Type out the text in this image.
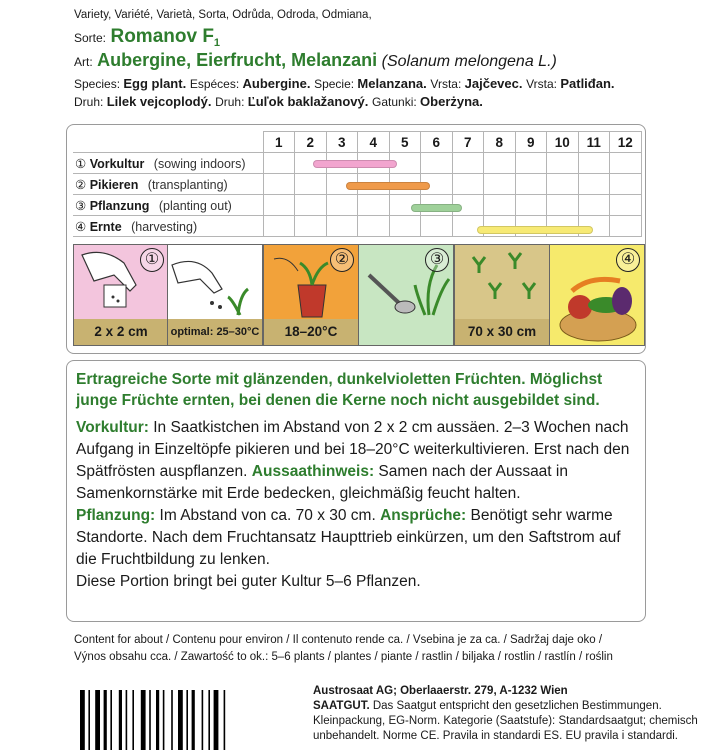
Variety, Variété, Varietà, Sorta, Odrůda, Odroda, Odmiana,
Sorte: Romanov $F_1$
Art: Aubergine, Eierfrucht, Melanzani (Solanum melongena L.)
Species: Egg plant. Espéces: Aubergine. Specie: Melanzana. Vrsta: Jajčevec. Vrsta: Patliđan.
Druh: Lilek vejcoplodý. Druh: Ľuľok baklažanový. Gatunki: Oberżyna.
	1	2	3	4	5	6	7	8	9	10	11	12
① Vorkultur (sowing indoors)												
② Pikieren (transplanting)												
③ Pflanzung (planting out)												
④ Ernte (harvesting)												
①
2 x 2 cm	optimal: 25–30°C
②
18–20°C
③
70 x 30 cm
④
Ertragreiche Sorte mit glänzenden, dunkelvioletten Früchten. Möglichst junge Früchte ernten, bei denen die Kerne noch nicht ausgebildet sind.
Vorkultur: In Saatkistchen im Abstand von 2 x 2 cm aussäen. 2–3 Wochen nach Aufgang in Einzeltöpfe pikieren und bei 18–20°C weiterkultivieren. Erst nach den Spätfrösten auspflanzen. Aussaathinweis: Samen nach der Aussaat in Samenkornstärke mit Erde bedecken, gleichmäßig feucht halten.
Pflanzung: Im Abstand von ca. 70 x 30 cm. Ansprüche: Benötigt sehr warme Standorte. Nach dem Fruchtansatz Haupttrieb einkürzen, um den Saftstrom auf die Fruchtbildung zu lenken.
Diese Portion bringt bei guter Kultur 5–6 Pflanzen.
Content for about / Contenu pour environ / Il contenuto rende ca. / Vsebina je za ca. / Sadržaj daje oko /
Výnos obsahu cca. / Zawartość to ok.: 5–6 plants / plantes / piante / rastlin / biljaka / rostlin / rastlín / roślin
Austrosaat AG; Oberlaaerstr. 279, A-1232 Wien
SAATGUT. Das Saatgut entspricht den gesetzlichen Bestimmungen. Kleinpackung, EG-Norm. Kategorie (Saatstufe): Standardsaatgut; chemisch unbehandelt. Norme CE. Pravila in standardi ES. EU pravila i standardi.
